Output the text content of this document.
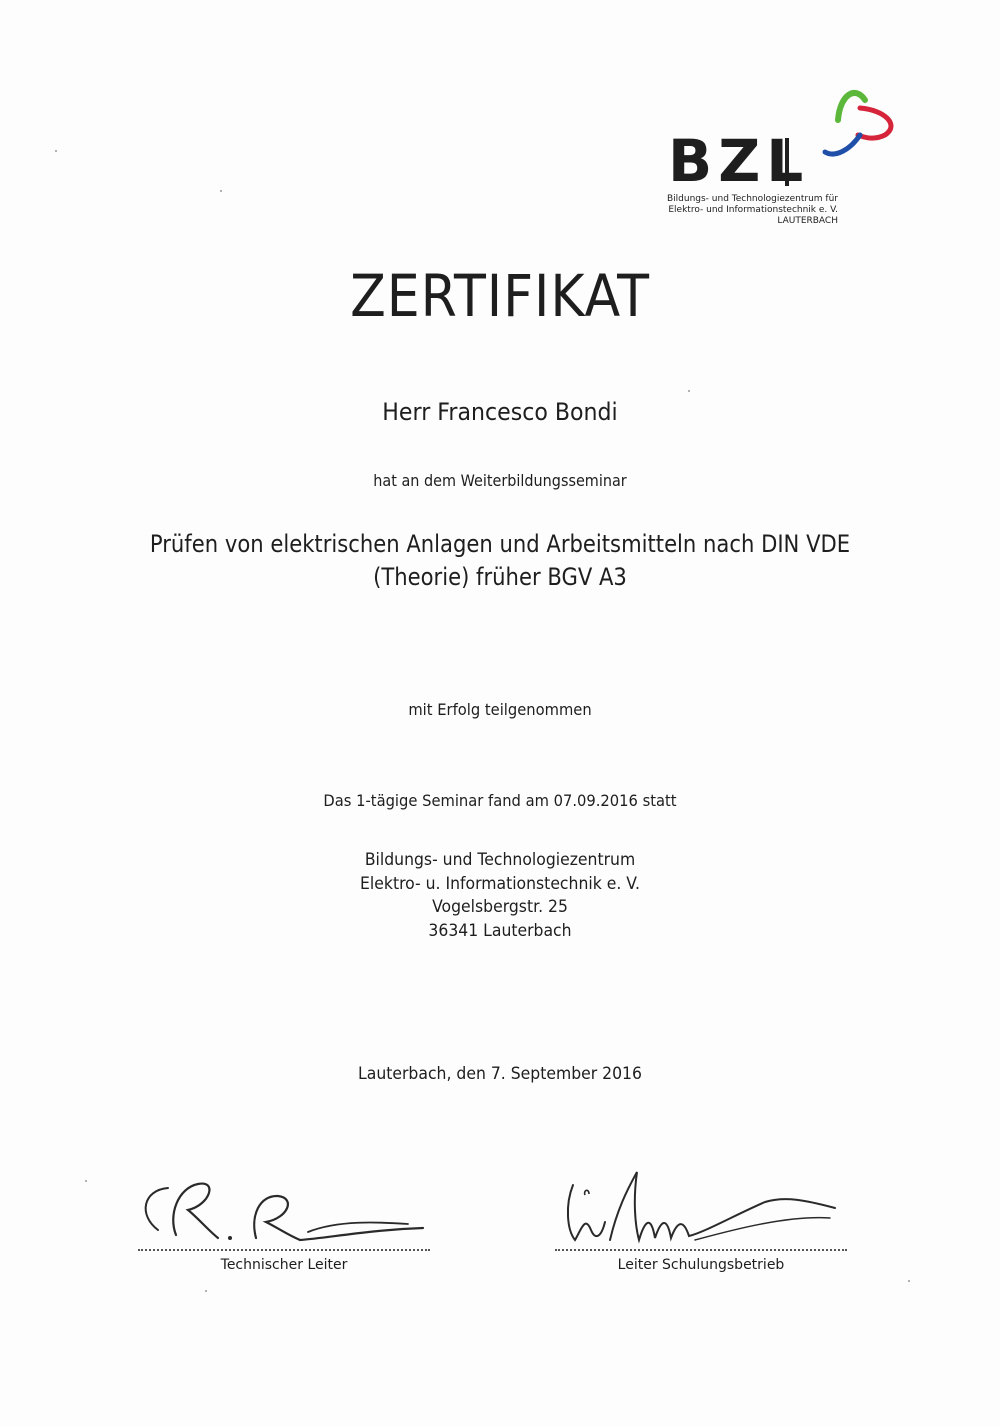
BZL
Bildungs- und Technologiezentrum für
Elektro- und Informationstechnik e. V.
LAUTERBACH
ZERTIFIKAT
Herr Francesco Bondi
hat an dem Weiterbildungsseminar
Prüfen von elektrischen Anlagen und Arbeitsmitteln nach DIN VDE
(Theorie) früher BGV A3
mit Erfolg teilgenommen
Das 1-tägige Seminar fand am 07.09.2016 statt
Bildungs- und Technologiezentrum
Elektro- u. Informationstechnik e. V.
Vogelsbergstr. 25
36341 Lauterbach
Lauterbach, den 7. September 2016
Technischer Leiter	Leiter Schulungsbetrieb
